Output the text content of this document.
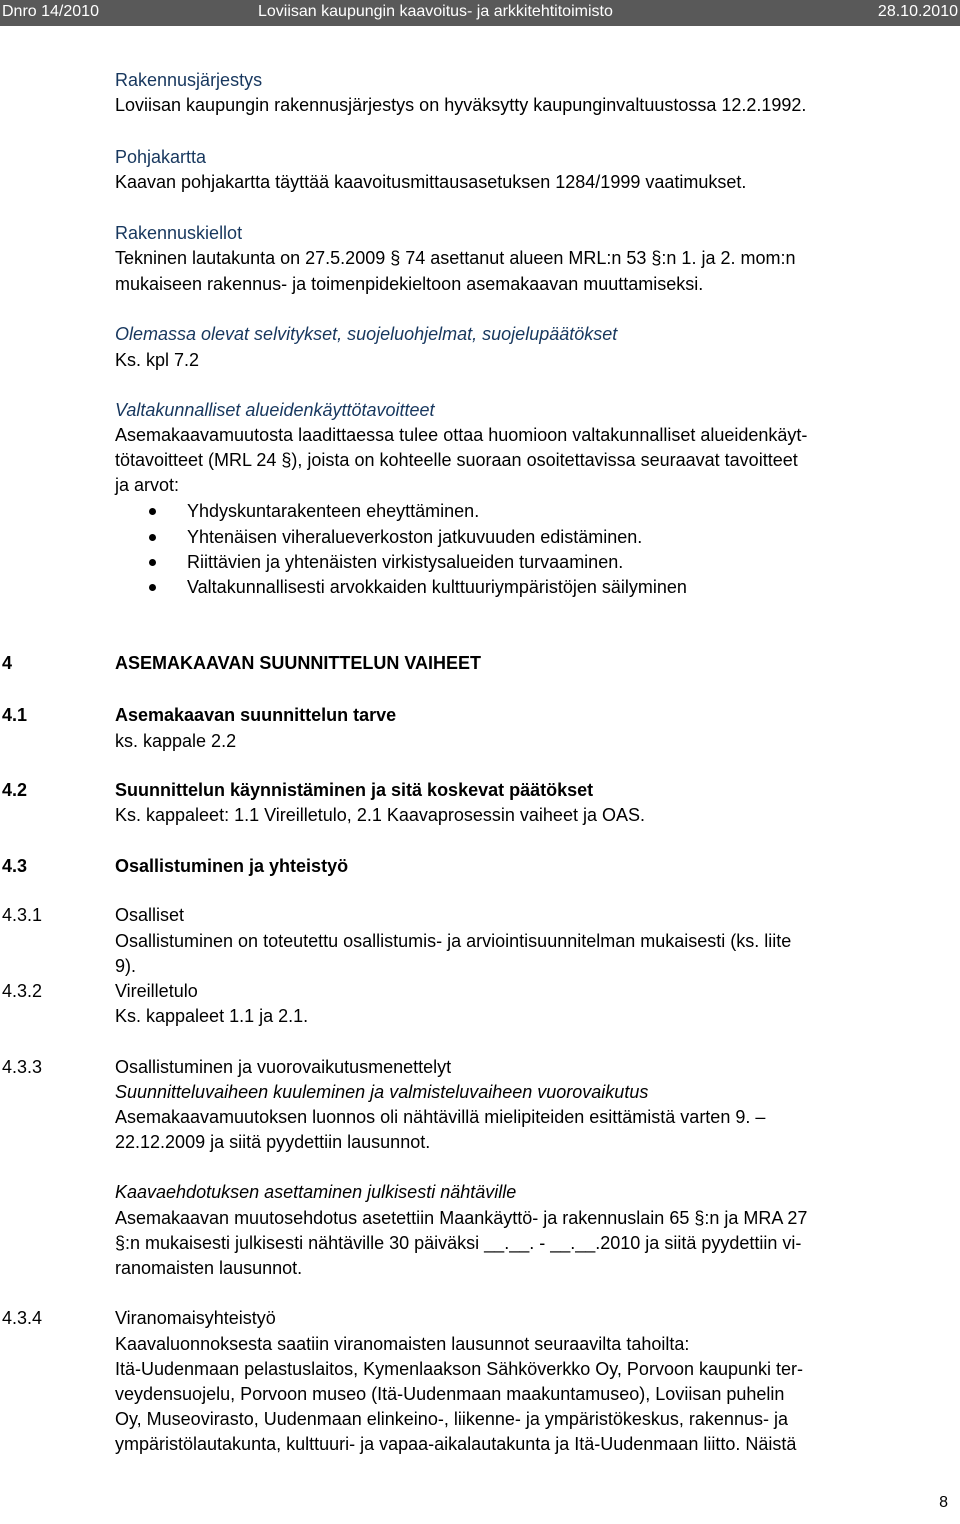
Dnro 14/2010	Loviisan kaupungin kaavoitus- ja arkkitehtitoimisto	28.10.2010
Rakennusjärjestys
Loviisan kaupungin rakennusjärjestys on hyväksytty kaupunginvaltuustossa 12.2.1992.
Pohjakartta
Kaavan pohjakartta täyttää kaavoitusmittausasetuksen 1284/1999 vaatimukset.
Rakennuskiellot
Tekninen lautakunta on 27.5.2009 § 74 asettanut alueen MRL:n 53 §:n 1. ja 2. mom:n
mukaiseen rakennus- ja toimenpidekieltoon asemakaavan muuttamiseksi.
Olemassa olevat selvitykset, suojeluohjelmat, suojelupäätökset
Ks. kpl 7.2
Valtakunnalliset alueidenkäyttötavoitteet
Asemakaavamuutosta laadittaessa tulee ottaa huomioon valtakunnalliset alueidenkäyt-
tötavoitteet (MRL 24 §), joista on kohteelle suoraan osoitettavissa seuraavat tavoitteet
ja arvot:
Yhdyskuntarakenteen eheyttäminen.
Yhtenäisen viheralueverkoston jatkuvuuden edistäminen.
Riittävien ja yhtenäisten virkistysalueiden turvaaminen.
Valtakunnallisesti arvokkaiden kulttuuriympäristöjen säilyminen
4	ASEMAKAAVAN SUUNNITTELUN VAIHEET
4.1	Asemakaavan suunnittelun tarve
ks. kappale 2.2
4.2	Suunnittelun käynnistäminen ja sitä koskevat päätökset
Ks. kappaleet: 1.1 Vireilletulo, 2.1 Kaavaprosessin vaiheet ja OAS.
4.3	Osallistuminen ja yhteistyö
4.3.1	Osalliset
Osallistuminen on toteutettu osallistumis- ja arviointisuunnitelman mukaisesti (ks. liite
9).
4.3.2	Vireilletulo
Ks. kappaleet 1.1 ja 2.1.
4.3.3	Osallistuminen ja vuorovaikutusmenettelyt
Suunnitteluvaiheen kuuleminen ja valmisteluvaiheen vuorovaikutus
Asemakaavamuutoksen luonnos oli nähtävillä mielipiteiden esittämistä varten 9. –
22.12.2009 ja siitä pyydettiin lausunnot.
Kaavaehdotuksen asettaminen julkisesti nähtäville
Asemakaavan muutosehdotus asetettiin Maankäyttö- ja rakennuslain 65 §:n ja MRA 27
§:n mukaisesti julkisesti nähtäville 30 päiväksi __.__. - __.__.2010 ja siitä pyydettiin vi-
ranomaisten lausunnot.
4.3.4	Viranomaisyhteistyö
Kaavaluonnoksesta saatiin viranomaisten lausunnot seuraavilta tahoilta:
Itä-Uudenmaan pelastuslaitos, Kymenlaakson Sähköverkko Oy, Porvoon kaupunki ter-
veydensuojelu, Porvoon museo (Itä-Uudenmaan maakuntamuseo), Loviisan puhelin
Oy, Museovirasto, Uudenmaan elinkeino-, liikenne- ja ympäristökeskus, rakennus- ja
ympäristölautakunta, kulttuuri- ja vapaa-aikalautakunta ja Itä-Uudenmaan liitto. Näistä
8
